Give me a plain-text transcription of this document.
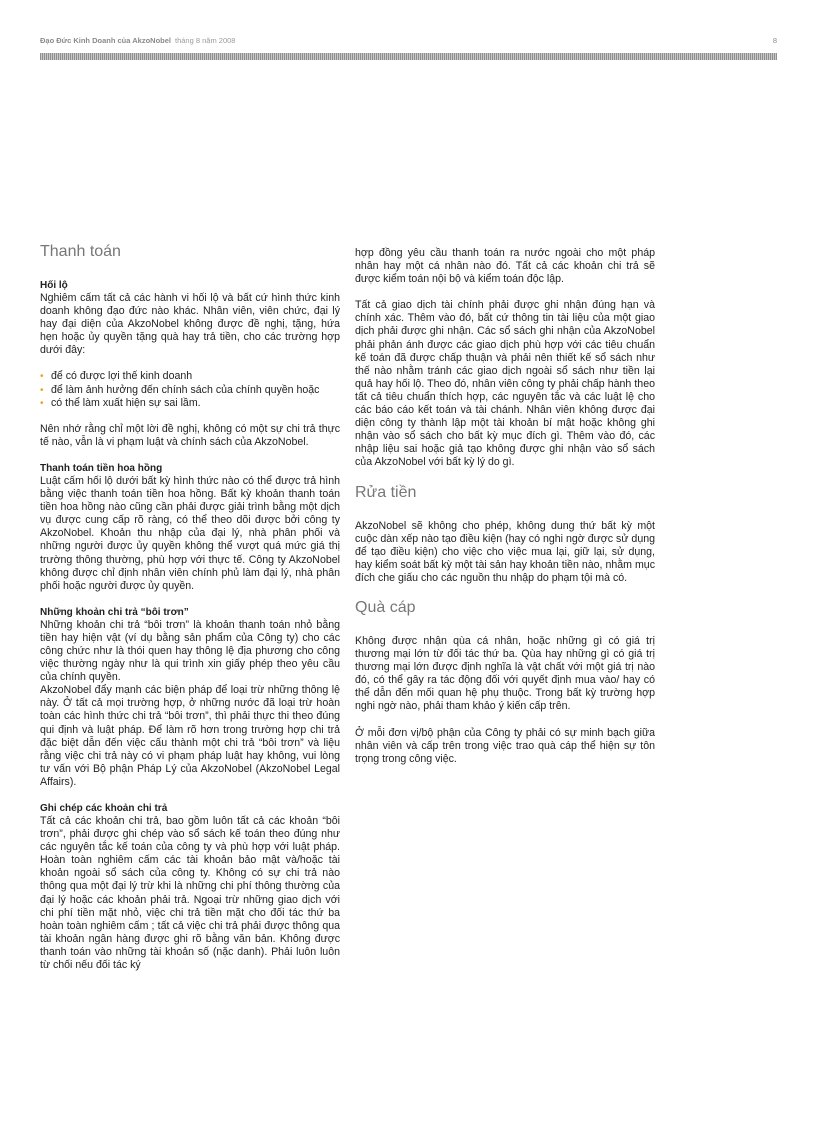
Đạo Đức Kinh Doanh của AkzoNobel tháng 8 năm 2008	8
Thanh toán
Hối lộ

Nghiêm cấm tất cả các hành vi hối lộ và bất cứ hình thức kinh doanh không đạo đức nào khác. Nhân viên, viên chức, đại lý hay đại diện của AkzoNobel không được đề nghị, tặng, hứa hẹn hoặc ủy quyền tặng quà hay trả tiền, cho các trường hợp dưới đây:

• để có được lợi thế kinh doanh
• để làm ảnh hưởng đến chính sách của chính quyền hoặc
• có thể làm xuất hiện sự sai lầm.

Nên nhớ rằng chỉ một lời đề nghị, không có một sự chi trả thực tế nào, vẫn là vi phạm luật và chính sách của AkzoNobel.

Thanh toán tiền hoa hồng

Luật cấm hối lộ dưới bất kỳ hình thức nào có thể được trả hình bằng việc thanh toán tiền hoa hồng. Bất kỳ khoản thanh toán tiền hoa hồng nào cũng cần phải được giải trình bằng một dịch vụ được cung cấp rõ ràng, có thể theo dõi được bởi công ty AkzoNobel. Khoản thu nhập của đại lý, nhà phân phối và những người được ủy quyền không thể vượt quá mức giá thị trường thông thường, phù hợp với thực tế. Công ty AkzoNobel không được chỉ định nhân viên chính phủ làm đại lý, nhà phân phối hoặc người được ủy quyền.

Những khoản chi trả “bôi trơn”

Những khoản chi trả “bôi trơn” là khoản thanh toán nhỏ bằng tiền hay hiện vật (ví dụ bằng sản phẩm của Công ty) cho các công chức như là thói quen hay thông lệ địa phương cho công việc thường ngày như là qui trình xin giấy phép theo yêu cầu của chính quyền.

AkzoNobel đẩy mạnh các biện pháp để loại trừ những thông lệ này. Ở tất cả mọi trường hợp, ở những nước đã loại trừ hoàn toàn các hình thức chi trả “bôi trơn”, thì phải thực thi theo đúng qui định và luật pháp. Để làm rõ hơn trong trường hợp chi trả đặc biệt dẫn đến việc cấu thành một chi trả “bôi trơn” và liệu rằng việc chi trả này có vi phạm pháp luật hay không, vui lòng tư vấn với Bộ phận Pháp Lý của AkzoNobel (AkzoNobel Legal Affairs).

Ghi chép các khoản chi trả

Tất cả các khoản chi trả, bao gồm luôn tất cả các khoản “bôi trơn”, phải được ghi chép vào sổ sách kế toán theo đúng như các nguyên tắc kế toán của công ty và phù hợp với luật pháp. Hoàn toàn nghiêm cấm các tài khoản bảo mật và/hoặc tài khoản ngoài sổ sách của công ty. Không có sự chi trả nào thông qua một đại lý trừ khi là những chi phí thông thường của đại lý hoặc các khoản phải trả. Ngoại trừ những giao dịch với chi phí tiền mặt nhỏ, việc chi trả tiền mặt cho đối tác thứ ba hoàn toàn nghiêm cấm ; tất cả việc chi trả phải được thông qua tài khoản ngân hàng được ghi rõ bằng văn bản. Không được thanh toán vào những tài khoản số (nặc danh). Phải luôn luôn từ chối nếu đối tác ký

hợp đồng yêu cầu thanh toán ra nước ngoài cho một pháp nhân hay một cá nhân nào đó. Tất cả các khoản chi trả sẽ được kiểm toán nội bộ và kiểm toán độc lập.

Tất cả giao dịch tài chính phải được ghi nhận đúng hạn và chính xác. Thêm vào đó, bất cứ thông tin tài liệu của một giao dịch phải được ghi nhận. Các sổ sách ghi nhận của AkzoNobel phải phản ánh được các giao dịch phù hợp với các tiêu chuẩn kế toán đã được chấp thuận và phải nên thiết kế sổ sách như thế nào nhằm tránh các giao dịch ngoài sổ sách như tiền lại quả hay hối lộ. Theo đó, nhân viên công ty phải chấp hành theo tất cả tiêu chuẩn thích hợp, các nguyên tắc và các luật lệ cho các báo cáo kết toán và tài chánh. Nhân viên không được đại diện công ty thành lập một tài khoản bí mật hoặc không ghi nhận vào sổ sách cho bất kỳ mục đích gì. Thêm vào đó, các nhập liệu sai hoặc giả tạo không được ghi nhận vào sổ sách của AkzoNobel với bất kỳ lý do gì.

Rửa tiền

AkzoNobel sẽ không cho phép, không dung thứ bất kỳ một cuộc dàn xếp nào tạo điều kiện (hay có nghi ngờ được sử dụng để tạo điều kiện) cho việc cho việc mua lại, giữ lại, sử dụng, hay kiểm soát bất kỳ một tài sản hay khoản tiền nào, nhằm mục đích che giấu cho các nguồn thu nhập do phạm tội mà có.

Quà cáp

Không được nhận qùa cá nhân, hoặc những gì có giá trị thương mại lớn từ đối tác thứ ba. Qùa hay những gì có giá trị thương mại lớn được định nghĩa là vật chất với một giá trị nào đó, có thể gây ra tác động đối với quyết định mua vào/ hay có thể dẫn đến mối quan hệ phụ thuộc. Trong bất kỳ trường hợp nghi ngờ nào, phải tham khảo ý kiến cấp trên.

Ở mỗi đơn vị/bộ phận của Công ty phải có sự minh bạch giữa nhân viên và cấp trên trong việc trao quà cáp thể hiện sự tôn trọng trong công việc.
